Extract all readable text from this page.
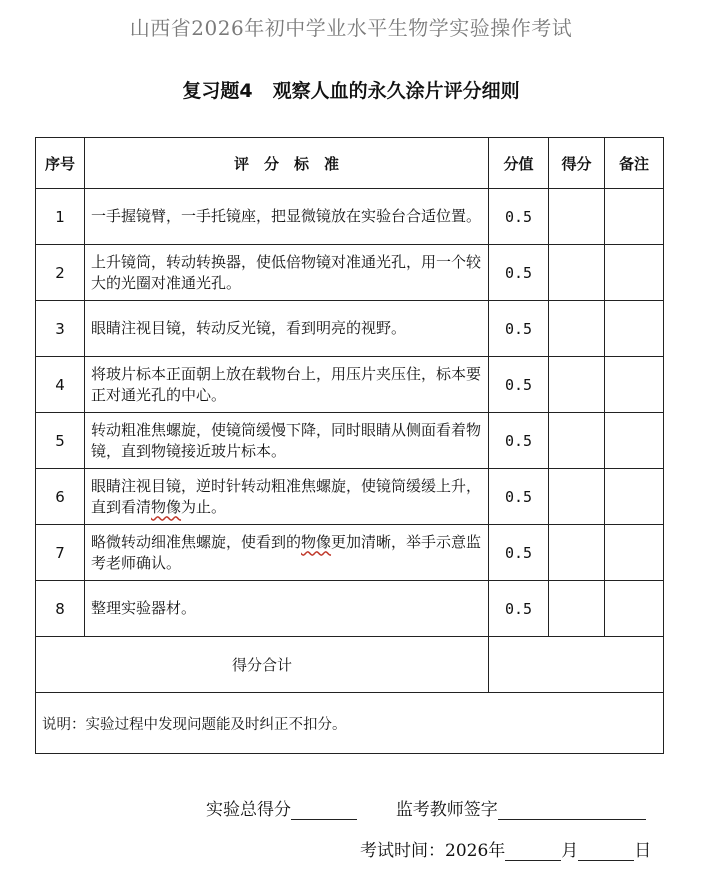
山西省2026年初中学业水平生物学实验操作考试
复习题4 观察人血的永久涂片评分细则
序号	评　分　标　准	分值	得分	备注
1	一手握镜臂，一手托镜座，把显微镜放在实验台合适位置。	0.5		
2	上升镜筒，转动转换器，使低倍物镜对准通光孔，用一个较大的光圈对准通光孔。	0.5		
3	眼睛注视目镜，转动反光镜，看到明亮的视野。	0.5		
4	将玻片标本正面朝上放在载物台上，用压片夹压住，标本要正对通光孔的中心。	0.5		
5	转动粗准焦螺旋，使镜筒缓慢下降，同时眼睛从侧面看着物镜，直到物镜接近玻片标本。	0.5		
6	眼睛注视目镜，逆时针转动粗准焦螺旋，使镜筒缓缓上升，直到看清物像为止。	0.5		
7	略微转动细准焦螺旋，使看到的物像更加清晰，举手示意监考老师确认。	0.5		
8	整理实验器材。	0.5		
得分合计				
说明：实验过程中发现问题能及时纠正不扣分。				
实验总得分	监考教师签字
考试时间：2026年	月	日
